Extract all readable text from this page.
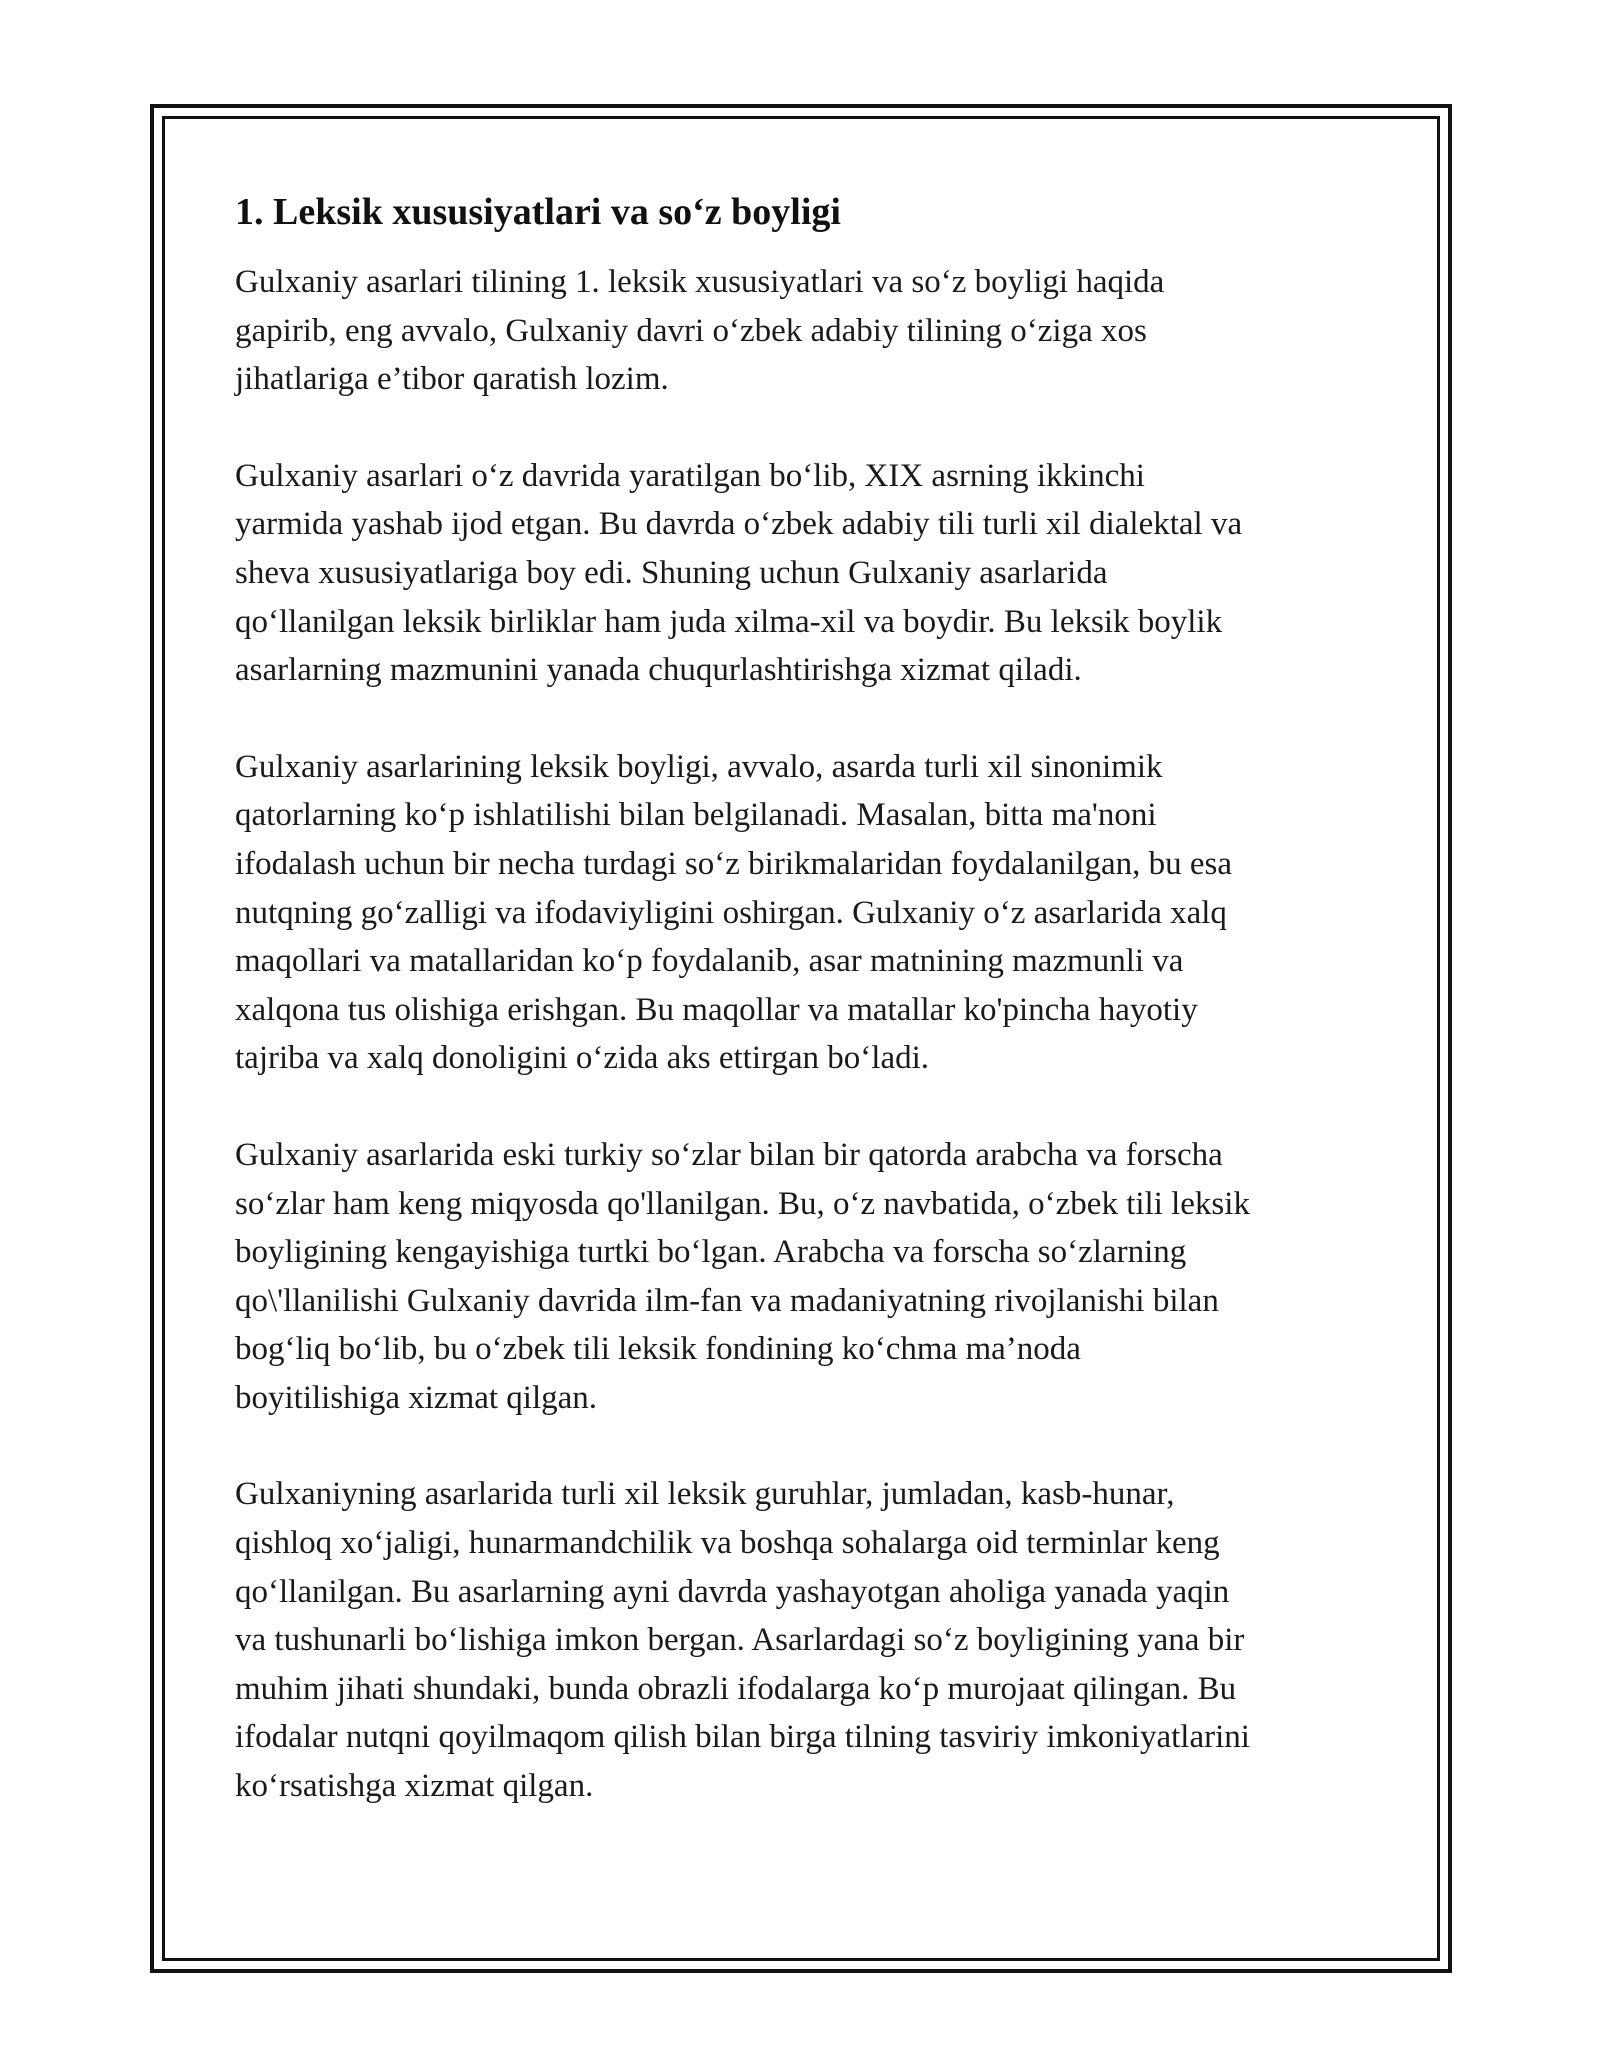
1. Leksik xususiyatlari va so‘z boyligi

Gulxaniy asarlari tilining 1. leksik xususiyatlari va so‘z boyligi haqida
gapirib, eng avvalo, Gulxaniy davri o‘zbek adabiy tilining o‘ziga xos
jihatlariga e’tibor qaratish lozim.

Gulxaniy asarlari o‘z davrida yaratilgan bo‘lib, XIX asrning ikkinchi
yarmida yashab ijod etgan. Bu davrda o‘zbek adabiy tili turli xil dialektal va
sheva xususiyatlariga boy edi. Shuning uchun Gulxaniy asarlarida
qo‘llanilgan leksik birliklar ham juda xilma-xil va boydir. Bu leksik boylik
asarlarning mazmunini yanada chuqurlashtirishga xizmat qiladi.

Gulxaniy asarlarining leksik boyligi, avvalo, asarda turli xil sinonimik
qatorlarning ko‘p ishlatilishi bilan belgilanadi. Masalan, bitta ma'noni
ifodalash uchun bir necha turdagi so‘z birikmalaridan foydalanilgan, bu esa
nutqning go‘zalligi va ifodaviyligini oshirgan. Gulxaniy o‘z asarlarida xalq
maqollari va matallaridan ko‘p foydalanib, asar matnining mazmunli va
xalqona tus olishiga erishgan. Bu maqollar va matallar ko'pincha hayotiy
tajriba va xalq donoligini o‘zida aks ettirgan bo‘ladi.

Gulxaniy asarlarida eski turkiy so‘zlar bilan bir qatorda arabcha va forscha
so‘zlar ham keng miqyosda qo'llanilgan. Bu, o‘z navbatida, o‘zbek tili leksik
boyligining kengayishiga turtki bo‘lgan. Arabcha va forscha so‘zlarning
qo\'llanilishi Gulxaniy davrida ilm-fan va madaniyatning rivojlanishi bilan
bog‘liq bo‘lib, bu o‘zbek tili leksik fondining ko‘chma ma’noda
boyitilishiga xizmat qilgan.

Gulxaniyning asarlarida turli xil leksik guruhlar, jumladan, kasb-hunar,
qishloq xo‘jaligi, hunarmandchilik va boshqa sohalarga oid terminlar keng
qo‘llanilgan. Bu asarlarning ayni davrda yashayotgan aholiga yanada yaqin
va tushunarli bo‘lishiga imkon bergan. Asarlardagi so‘z boyligining yana bir
muhim jihati shundaki, bunda obrazli ifodalarga ko‘p murojaat qilingan. Bu
ifodalar nutqni qoyilmaqom qilish bilan birga tilning tasviriy imkoniyatlarini
ko‘rsatishga xizmat qilgan.
